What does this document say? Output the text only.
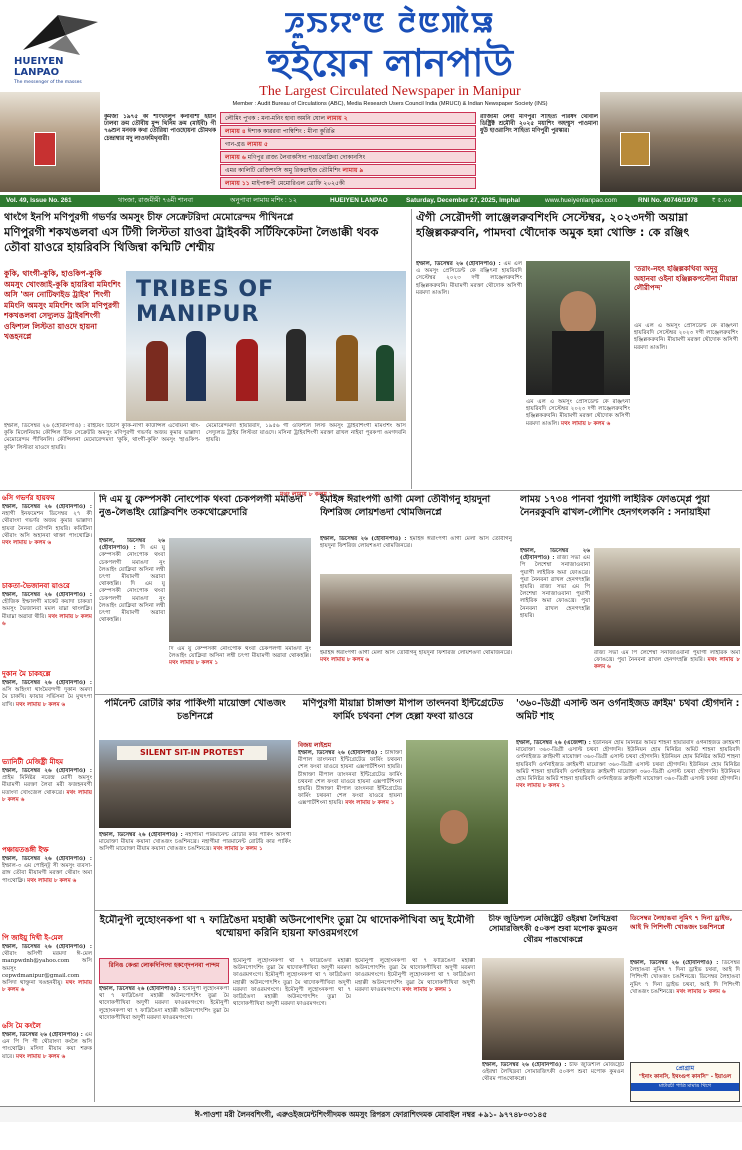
HUEIYEN LANPAO
The messenger of the masses
ꯍꯨꯏꯌꯦꯟ ꯂꯥꯟꯄꯥꯎ
হুইয়েন লানপাউ
The Largest Circulated Newspaper in Manipur
Member : Audit Bureau of Circulations (ABC), Media Research Users Council India (MRUCI) & Indian Newspaper Society (INS)
কুমজা ১৯৭৫ কী শীংখংলুপ কনাবীশী ইয়ান ঢালবা ক্রম তৌবীয় মুন্দ থিনিম ক্রম (মাইবী) গী ৭৬শুন মনবক কথা তৌরিয়া পাওহোয়না চৌমথক চেন্দ্রাম্বার মদু লাওফমিথৃবারী।
লৌমিং পুখক : মনা-মনিং হাবা অমনি ঘোল লামায় ২
লামায় ৪ ঈশাক কাৱরবা পাম্বিশিং : মীনা কুরিপ্পি
গান-গ্রঙ লামায় ৫
লামায় ৬ মণিপুর রাজ্য লৈবাকসিদা পাঙথোক্লিবা দোকানসিং
এমর কালিটি রেজিশংসি অমু রিকগ্নাইজ তৌমিশিং লামায় ৯
লামায় ১১ মাইপাকপী মেমোরিএল ত্রোফি ২০২৫কী
রাজ্যিমা লৈবা মণিপুরী সাহিত্য পরিষদ থৌবাল ডিষ্ট্রিক্ট শ্রমৌবী ২০২৫ ময়াশিং অহম্মুস পাওমানা ধুউ হাওরাসিং সাহিত্য মণিপুরী পুরস্কার।
Vol. 49, Issue No. 261	থাংজা, রাজমীমী ৭৬মী শানবা	অনুপাবা লামায় মশিং : ১২	HUEIYEN LANPAO	Saturday, December 27, 2025, Imphal	www.hueiyenlanpao.com	RNI No. 40746/1978 ₹ ৫.০০
থাংগৈ ইনপি মণিপুরগী গভর্ণর অমসুং চীফ সেক্রেটরিদা মেমোরেন্দম পীখিনপ্লে
মণিপুরগী শকখঙলবা এস টিগী লিস্টতা য়াওবা ট্রাইবকী সর্টিফিকেটনা লৈঙাক্কী থবক তৌবা য়াওরে হায়রিবসি থিজিন্বা কন্মিটি শেম্মীয়
কুকি, থাংগী-কুকি, হাওকিপ-কুকি অমসুং খোংজাই-কুকি হায়রিবা মমিংশিং অসি 'অন নোটিফাইড ট্রাইব' শিংগী মমিংনি অমসুং মমিংশিং অসি মণিপুরগী শকখঙলবা সেদ্যুলড ট্রাইবশিংগী ওফিশ্যল লিস্টতা য়াওদে হায়না খঙহনপ্লে
TRIBES OF MANIPUR
ইম্ফাল, ডিসেম্বর ২৬ (হৌবানপাও) : রাইটয়ং টিচার্স কুকি-নাগা কাউন্সিল এখোয়না থাং-কুকি মিলেনিয়াম কৌন্সিল চিফ সেক্রেটরি অমসুং মণিপুরগী গভর্ণর অজয় কুমার ভাল্লাদা মেমোরেন্দম পীখিনলি। কৌন্সিলনা মেমোরেন্দমদা 'কুকি, থাংগী-কুকি' অমসুং 'হাওকিপ-কুকি' লিস্টতা য়াওদে হায়রি।
মেমোরেন্দমদা হায়রিবদি, ১৯৫৬ গী ওফিশ্যল লিস্ট অমসুং ট্রাইবশিংগী মমিংশিং অসি সেদ্যুলড ট্রাইব লিস্টতা য়াওদে। মসিনা ট্রাইবশিংগী মরক্তা ৱাখল নাইবা পুরকপা ঙমগদবনি হায়রি।
মথং লামায় ৮ কলম ১
ঐগী সেরৌদগী লাঞ্জেলরুবশিংদি সেস্টেম্বর, ২০২৩দগী অয়াম্না হঞ্জিল্লকরুবনি, পামদবা থৌদোক অমুক হন্না থোক্তি : কে রঞ্জিৎ
ইম্ফাল, ডিসেম্বর ২৬ (হৌবানপাও) : এম এল এ অমসুং প্রেসিডেন্ট কে রঞ্জিৎনা হায়রিবদি সেস্টেম্বর ২০২৩ দগী লাঞ্জেলরুবশিং হঞ্জিল্লকরুবনি। মীয়ামগী মরক্তা থৌদোক অসিগী মরমদা ঙাঙলি।
'তরাং-নহৎ হঞ্জিল্লকখিবা অদুবু অহানবা ওইনা হঞ্জিল্লকপনৌনা মীয়াম্না লৌরীপন্দ'
এম এল এ অমসুং প্রেসিডেন্ট কে রঞ্জিৎনা হায়রিবদি সেস্টেম্বর ২০২৩ দগী লাঞ্জেলরুবশিং হঞ্জিল্লকরুবনি। মীয়ামগী মরক্তা থৌদোক অসিগী মরমদা ঙাঙলি।
এম এল এ অমসুং প্রেসিডেন্ট কে রঞ্জিৎনা হায়রিবদি সেস্টেম্বর ২০২৩ দগী লাঞ্জেলরুবশিং হঞ্জিল্লকরুবনি। মীয়ামগী মরক্তা থৌদোক অসিগী মরমদা ঙাঙলি। মথং লামায় ৮ কলম ৬
৬সি গভর্ণর হায়ফম
ইম্ফাল, ডিসেম্বর ২৬ (হৌবানপাও) : নহাগী ইনফমেশন ডিসেম্বর ২৭ কী থৌরাংদা গভর্ণর অজয় কুমার ভাল্লাদা হায়বা নৈনবা তৌগনি হায়রি। কমিটিনা থৌরাং অসি অহানবা থাক্তা পাংথোক্লি। মথং লামায় ৮ কলম ৬
চাকতা-ভৈজানবা য়াওরে
ইম্ফাল, ডিসেম্বর ২৬ (হৌবানপাও) : হৌজিক ইম্ফালগী মাকেট কয়াদা চাকতা অমসুং ভৈজানবা মমল য়াম্না থাংলক্লি। মীয়াম্না অৱাবা থীরি। মথং লামায় ৮ কলম ৬
দুকান মৈ চাকহল্লে
ইম্ফাল, ডিসেম্বর ২৬ (হৌবানপাও) : ঙসি অহিংদা থাংমৈবন্দগী দুকান অমদা মৈ চাকখি। ফায়ার সর্ভিসনা মৈ মুত্থৎপা য়াখি। মথং লামায় ৮ কলম ৬
ভ্যানিটী মেজিষ্ট্রী মীহম
ইম্ফাল, ডিসেম্বর ২৬ (হৌবানপাও) : প্রাইম মিনিষ্টর নরেন্দ্র মোদী অমসুং মীয়ামগী মরক্তা লৈবা মরী ফজহনবগী মতাংদা খোংজেল থোকখ্রে। মথং লামায় ৮ কলম ৬
পঞ্চায়তঙঙ্গী ইম্ফ
ইম্ফাল, ডিসেম্বর ২৬ (হৌবানপাও) : ইম্ফাল-৩ এম পোইন্ট্‌ সী অমসুং ব্যবসা-ৱাঙ্গ তৌবা মীয়ামগী মরক্তা থৌরাং অমা পাংথোক্লি। মথং লামায় ৮ কলম ৬
পি জাইয়ু দিখী ই-মেল
ইম্ফাল, ডিসেম্বর ২৬ (হৌবানপাও) : থৌরাং অসিগী মরমদা ঈ-মেল manpwdnh@yahoo.com অসি অমসুং cepwdmanipur@gmail.com অসিদা থাক্তুনা খঙহনবীয়ু। মথং লামায় ৮ কলম ৬
৬সি মৈ কংলৈ
ইম্ফাল, ডিসেম্বর ২৬ (হৌবানপাও) : এম এন পি পি গী থৌরাংদা কংলৈ অসি পাংথোক্লি। মসিদা মীয়াম কয়া শরুক য়ারে। মথং লামায় ৮ কলম ৬
দি এম য়ু কেম্পসকী নোংপোক থংবা চেকপলগী মমাঙদা নুঙ-লৈঙাইং য়োক্লিবশিং তকথোক্লেদোরি
ইম্ফাল, ডিসেম্বর ২৬ (হৌবানপাও) : দি এম য়ু কেম্পসকী নোংপোক থংবা চেকপলগী মমাঙদা নুং লৈঙাইং য়োক্লিবা অসিনা লম্বী চৎপা মীয়ামগী অৱাবা থোকহল্লি। দি এম য়ু কেম্পসকী নোংপোক থংবা চেকপলগী মমাঙদা নুং লৈঙাইং য়োক্লিবা অসিনা লম্বী চৎপা মীয়ামগী অৱাবা থোকহল্লি।
দি এম য়ু কেম্পসকী নোংপোক থংবা চেকপলগী মমাঙদা নুং লৈঙাইং য়োক্লিবা অসিনা লম্বী চৎপা মীয়ামগী অৱাবা থোকহল্লি। মথং লামায় ৮ কলম ১
ইমাইঙ্গ ঈরাংপগী ঙাগী মেলা তৌবীগনু হায়দুনা ফিশরিজ লোয়শঙদা থোমজিনপ্লে
ইম্ফাল, ডিসেম্বর ২৬ (হৌবানপাও) : ইমাইঙ্গ ঈরাংপগী ঙাগী মেলা অসি তৌবীগনু হায়দুনা ফিশরিজ লোয়শঙদা থোমজিনখ্রে।
ইমাইঙ্গ ঈরাংপগী ঙাগী মেলা অসি তৌবীগনু হায়দুনা ফিশরিজ লোয়শঙদা থোমজিনখ্রে। মথং লামায় ৮ কলম ৬
লাময় ১৭৩৪ পানবা পুয়াগী লাইরিক ফোঙম্প্লে পুয়া নৈনরকুবদি ৱাখল-লৌশিং হেনগৎলকনি : সনায়াইমা
ইম্ফাল, ডিসেম্বর ২৬ (হৌবানপাও) : রাজ্য সভা এম পি লৈশেম্বা সনাজাওবানা পুয়াগী লাইরিক অমা ফোঙখ্রে। পুয়া নৈনবনা ৱাখল হেনগৎহল্লি হায়রি। রাজ্য সভা এম পি লৈশেম্বা সনাজাওবানা পুয়াগী লাইরিক অমা ফোঙখ্রে। পুয়া নৈনবনা ৱাখল হেনগৎহল্লি হায়রি।
রাজ্য সভা এম পি লৈশেম্বা সনাজাওবানা পুয়াগী লাইরিক অমা ফোঙখ্রে। পুয়া নৈনবনা ৱাখল হেনগৎহল্লি হায়রি। মথং লামায় ৮ কলম ৬
পর্মিনেন্ট রোটরি কার পার্কিংগী মায়োক্তা খোঙজং চঙশিনপ্লে
SILENT SIT-IN PROTEST
ইম্ফাল, ডিসেম্বর ২৬ (হৌবানপাও) : নহাগীমা পারমানেন্ট রোটরি কার পার্কিং অসিগী মায়োক্তা মীয়াম কয়ানা খোঙজং চঙশিনখ্রে। নহাগীমা পারমানেন্ট রোটরি কার পার্কিং অসিগী মায়োক্তা মীয়াম কয়ানা খোঙজং চঙশিনখ্রে। মথং লামায় ৮ কলম ১
মণিপুরগী মীয়াম্না চীঙ্গাক্তা মীপাল তাংদনবা ইন্টিগ্রেটেড ফার্মিং চথবনা শেল হেল্লা ফংবা য়াওরে
বিজয় লাইশ্রম
ইম্ফাল, ডিসেম্বর ২৬ (হৌবানপাও) : চীঙ্গাক্তা মীপাল তাংদনবা ইন্টিগ্রেটেড ফার্মিং চথবনা শেল ফংবা য়াওরে হায়না এক্সপার্টশিংনা হায়রি। চীঙ্গাক্তা মীপাল তাংদনবা ইন্টিগ্রেটেড ফার্মিং চথবনা শেল ফংবা য়াওরে হায়না এক্সপার্টশিংনা হায়রি। চীঙ্গাক্তা মীপাল তাংদনবা ইন্টিগ্রেটেড ফার্মিং চথবনা শেল ফংবা য়াওরে হায়না এক্সপার্টশিংনা হায়রি। মথং লামায় ৮ কলম ১
'৩৬০-ডিগ্রী এসাল্ট অন ওর্গনাইজড ক্রাইম' চথবা হৌগদনি : অমিট শাহ
ইম্ফাল, ডিসেম্বর ২৬ (এজেন্সী) : ইউনিয়ন হোম মিনিষ্টর অমিট শাহনা হায়রিবদি ওর্গনাইজড ক্রাইমগী মায়োক্তা ৩৬০-ডিগ্রী এসাল্ট চথবা হৌগদনি। ইউনিয়ন হোম মিনিষ্টর অমিট শাহনা হায়রিবদি ওর্গনাইজড ক্রাইমগী মায়োক্তা ৩৬০-ডিগ্রী এসাল্ট চথবা হৌগদনি। ইউনিয়ন হোম মিনিষ্টর অমিট শাহনা হায়রিবদি ওর্গনাইজড ক্রাইমগী মায়োক্তা ৩৬০-ডিগ্রী এসাল্ট চথবা হৌগদনি। ইউনিয়ন হোম মিনিষ্টর অমিট শাহনা হায়রিবদি ওর্গনাইজড ক্রাইমগী মায়োক্তা ৩৬০-ডিগ্রী এসাল্ট চথবা হৌগদনি। ইউনিয়ন হোম মিনিষ্টর অমিট শাহনা হায়রিবদি ওর্গনাইজড ক্রাইমগী মায়োক্তা ৩৬০-ডিগ্রী এসাল্ট চথবা হৌগদনি। মথং লামায় ৮ কলম ১
ইমৌনুপী লুহোংনকপা থা ৭ ফাদ্রিঙৈদা মহাক্কী অউনপোৎশিং তুম্না মৈ থাদোকপীখিবা অদু ইমৌগী থম্মোয়দা করিনি হায়না ফাওরমগংগে
রিনিঙ কেপ্তা লোকদিপিংদা হকণ্দেপনবা পান্দম
ইম্ফাল, ডিসেম্বর ২৬ (হৌবানপাও) : ইমৌনুপী লুহোংনকপা থা ৭ ফাদ্রিঙৈদা মহাক্কী অউনপোৎশিং তুম্না মৈ থাদোকপীখিবা অদুগী মরমদা ফাওরমগংগে। ইমৌনুপী লুহোংনকপা থা ৭ ফাদ্রিঙৈদা মহাক্কী অউনপোৎশিং তুম্না মৈ থাদোকপীখিবা অদুগী মরমদা ফাওরমগংগে।
ইমৌনুপী লুহোংনকপা থা ৭ ফাদ্রিঙৈদা মহাক্কী অউনপোৎশিং তুম্না মৈ থাদোকপীখিবা অদুগী মরমদা ফাওরমগংগে। ইমৌনুপী লুহোংনকপা থা ৭ ফাদ্রিঙৈদা মহাক্কী অউনপোৎশিং তুম্না মৈ থাদোকপীখিবা অদুগী মরমদা ফাওরমগংগে। ইমৌনুপী লুহোংনকপা থা ৭ ফাদ্রিঙৈদা মহাক্কী অউনপোৎশিং তুম্না মৈ থাদোকপীখিবা অদুগী মরমদা ফাওরমগংগে।
ইমৌনুপী লুহোংনকপা থা ৭ ফাদ্রিঙৈদা মহাক্কী অউনপোৎশিং তুম্না মৈ থাদোকপীখিবা অদুগী মরমদা ফাওরমগংগে। ইমৌনুপী লুহোংনকপা থা ৭ ফাদ্রিঙৈদা মহাক্কী অউনপোৎশিং তুম্না মৈ থাদোকপীখিবা অদুগী মরমদা ফাওরমগংগে। মথং লামায় ৮ কলম ১
চীফ জুডিশ্যল মেজিষ্ট্রেট ওইরম্বা লৈখিদ্রবা সোমারজিৎকী ৫০কপ শুবা মপোক কুমওন থৌরম পাঙথোকপ্লে
ইম্ফাল, ডিসেম্বর ২৬ (হৌবানপাও) : চীফ জুডিশ্যল মেজিষ্ট্রেট ওইরম্বা লৈখিদ্রবা সোমারজিৎকী ৫০কপ শুবা মপোক কুমওন থৌরম পাঙথোকপ্লে।
ডিসেম্বর লৈহাঙবা নুমিৎ ৭ দিনা ড্রাইভ, আই দি পিশিংগী খোঙজং চঙশিনপ্লে
ইম্ফাল, ডিসেম্বর ২৬ (হৌবানপাও) : ডিসেম্বর লৈহাঙবা নুমিৎ ৭ দিনা ড্রাইভ চথবা, আই দি পিশিংগী খোঙজং চঙশিনখ্রে। ডিসেম্বর লৈহাঙবা নুমিৎ ৭ দিনা ড্রাইভ চথবা, আই দি পিশিংগী খোঙজং চঙশিনখ্রে। মথং লামায় ৮ কলম ৬
প্রোগ্রাম
"ইনাং কানসি, ইথংগুপ কানসি" - ইয়াওল
মাটারচী পাত্রি মামাঙ থিগে
ঈ-পাওশা মরী লৈনবশিংগী, এরুওইজমেন্টশিংগীদমক অমসুং রিপরস ফোরাশিংদমক মোবাইল নম্বর +৯১- ৯৭৭৪৮০৩১৪৫
